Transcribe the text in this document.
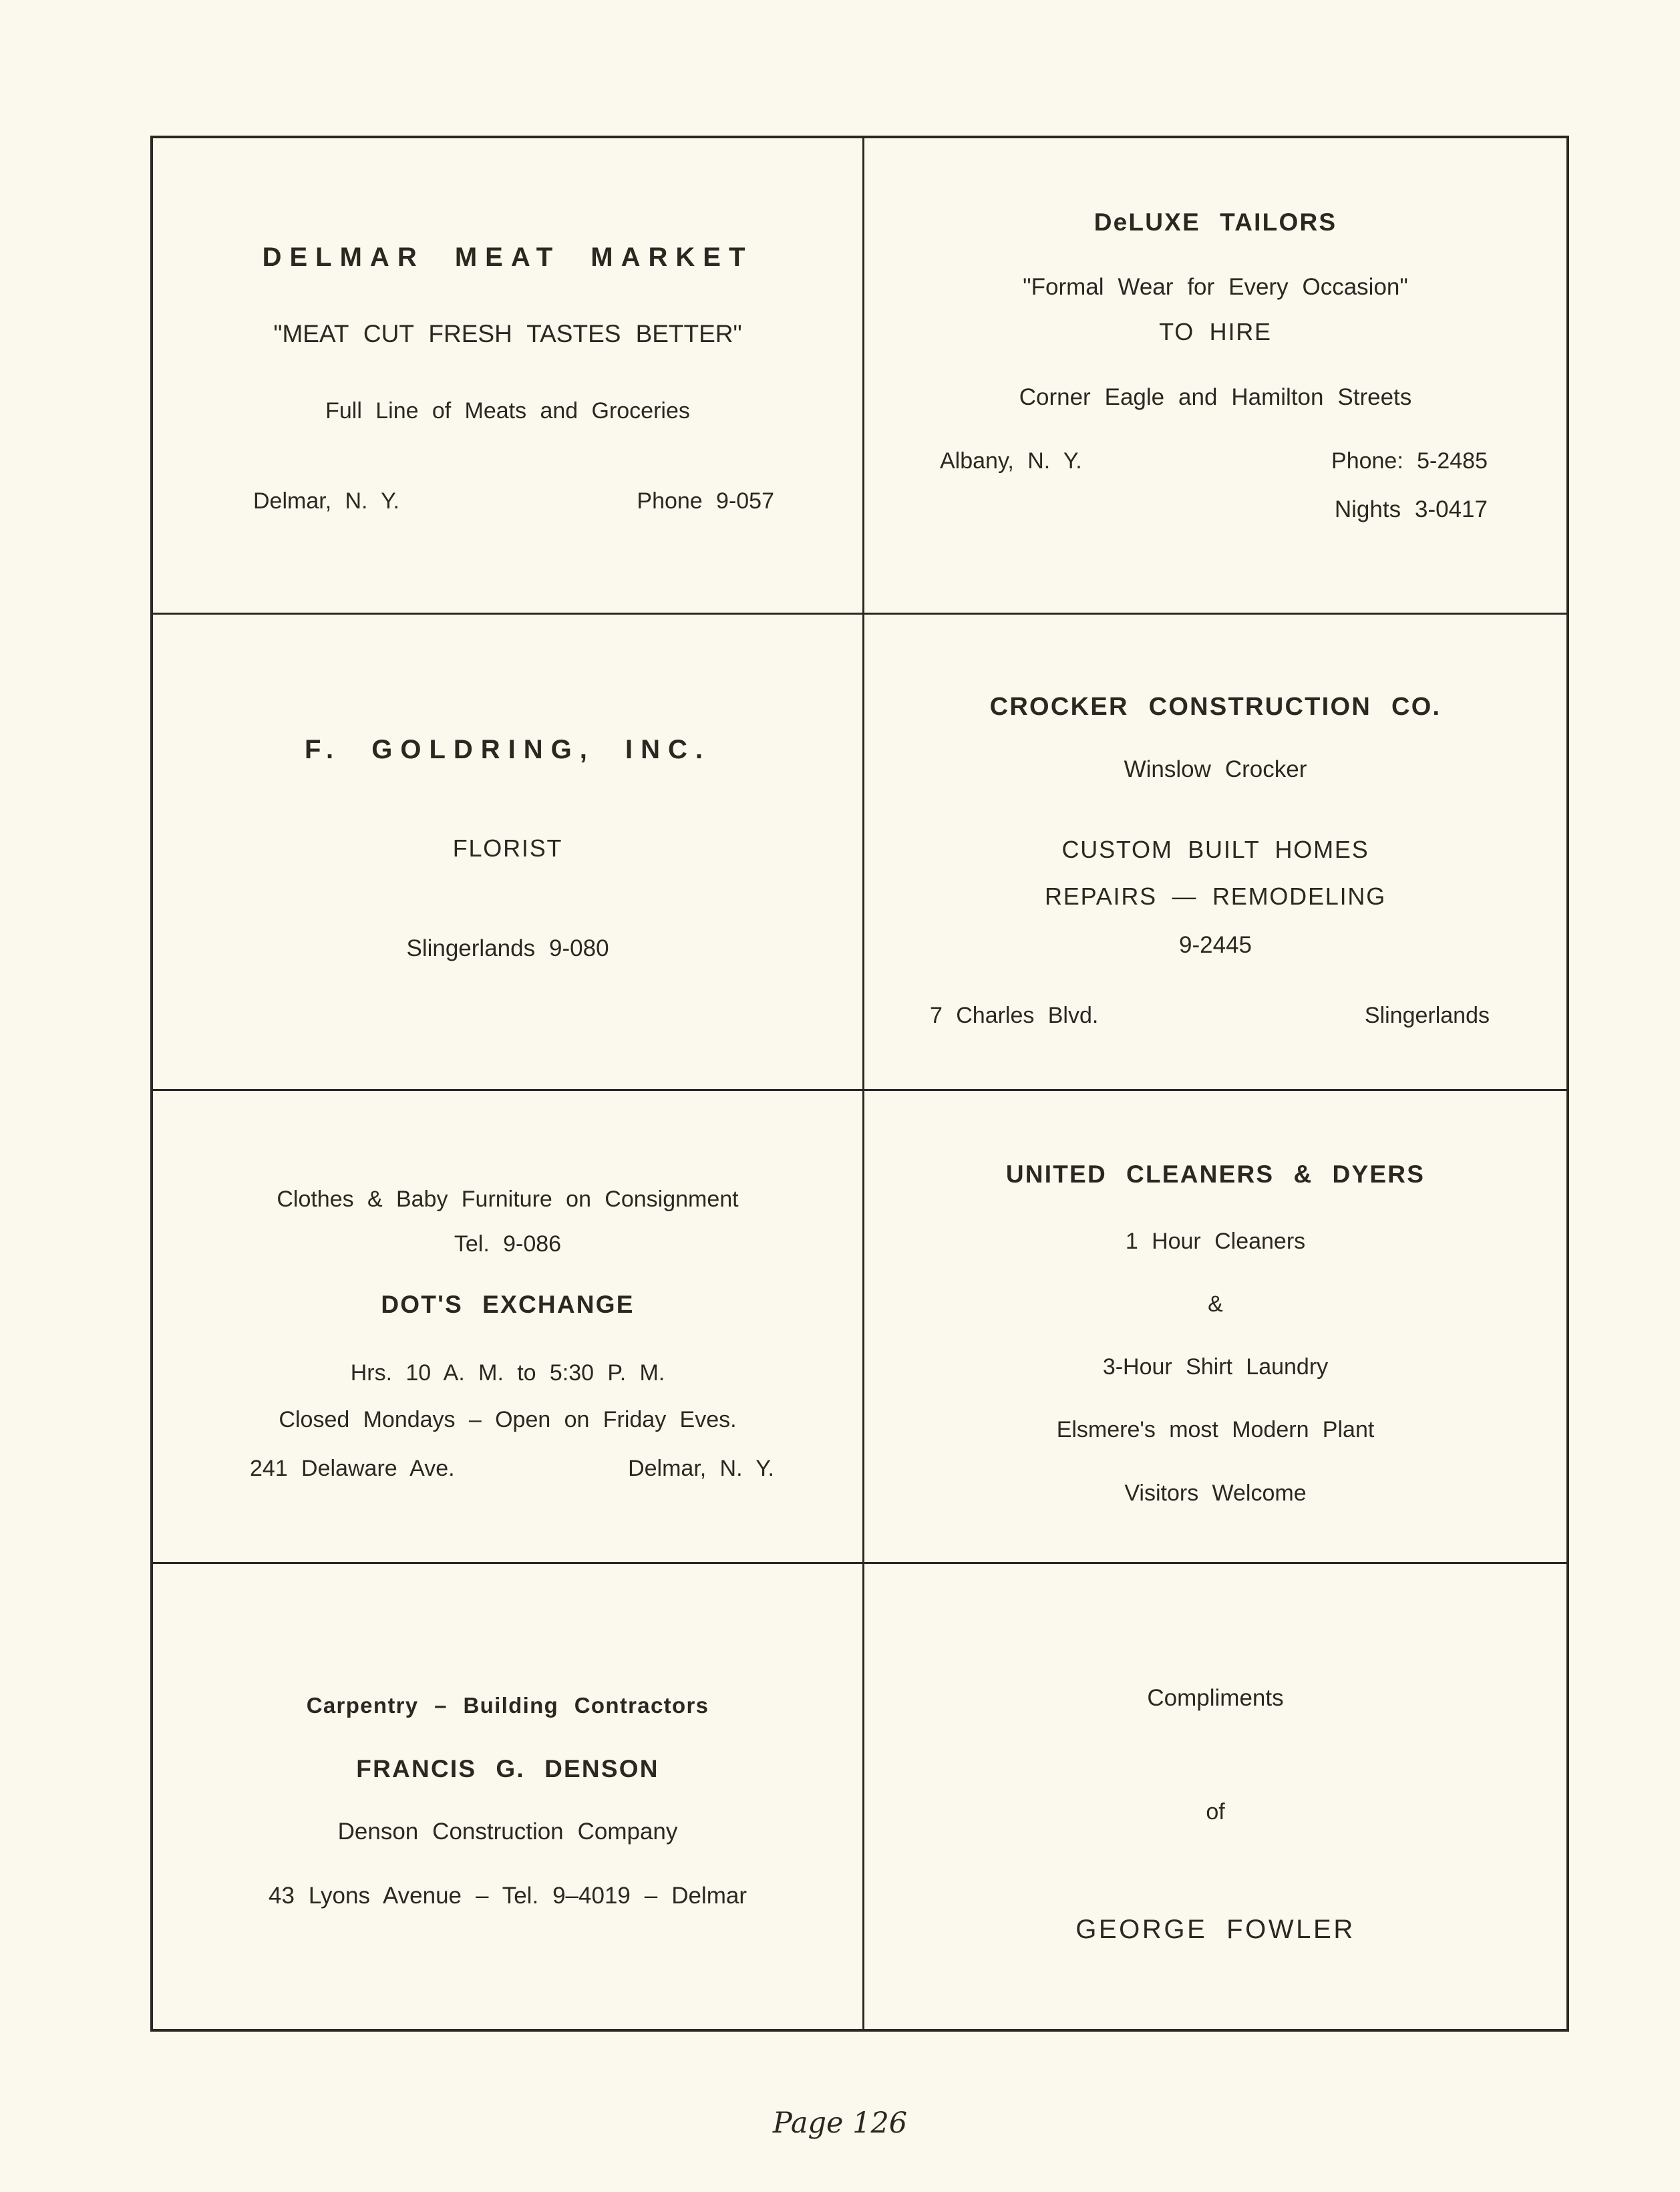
DELMAR MEAT MARKET
"MEAT CUT FRESH TASTES BETTER"
Full Line of Meats and Groceries
Delmar, N. Y.	Phone 9-057
DeLUXE TAILORS
"Formal Wear for Every Occasion"
TO HIRE
Corner Eagle and Hamilton Streets
Albany, N. Y.	Phone: 5-2485
Nights 3-0417
F. GOLDRING, INC.
FLORIST
Slingerlands 9-080
CROCKER CONSTRUCTION CO.
Winslow Crocker
CUSTOM BUILT HOMES
REPAIRS — REMODELING
9-2445
7 Charles Blvd.	Slingerlands
Clothes & Baby Furniture on Consignment
Tel. 9-086
DOT'S EXCHANGE
Hrs. 10 A. M. to 5:30 P. M.
Closed Mondays – Open on Friday Eves.
241 Delaware Ave.	Delmar, N. Y.
UNITED CLEANERS & DYERS
1 Hour Cleaners
&
3-Hour Shirt Laundry
Elsmere's most Modern Plant
Visitors Welcome
Carpentry – Building Contractors
FRANCIS G. DENSON
Denson Construction Company
43 Lyons Avenue – Tel. 9–4019 – Delmar
Compliments
of
GEORGE FOWLER
Page 126
